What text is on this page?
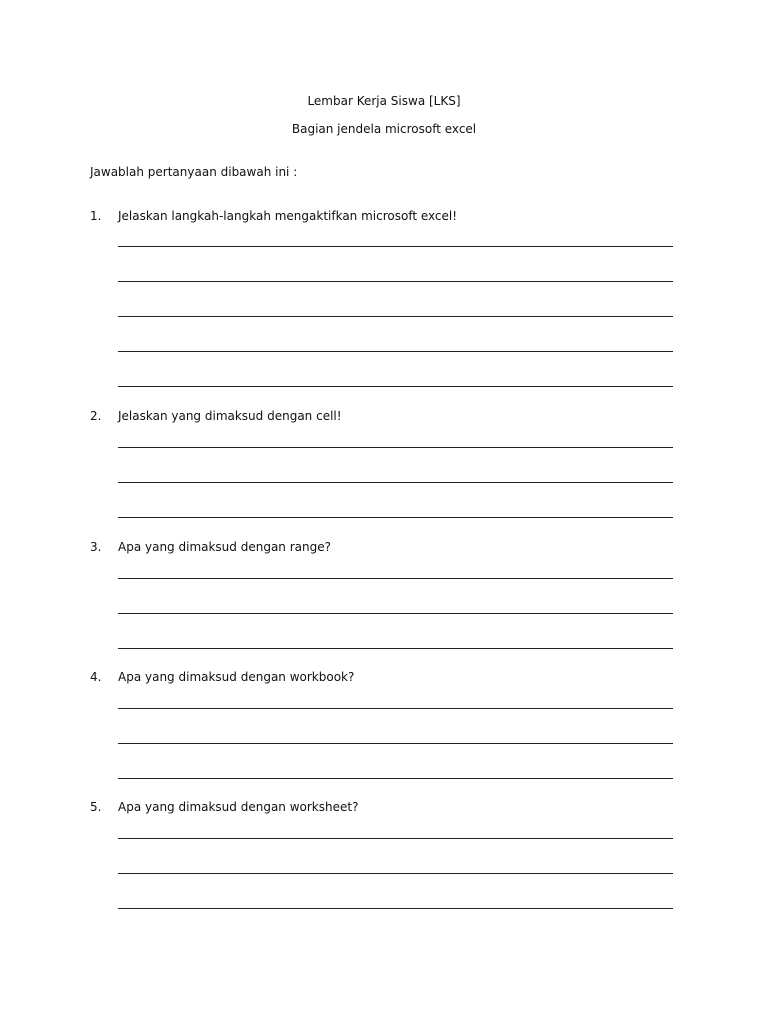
Lembar Kerja Siswa [LKS]
Bagian jendela microsoft excel
Jawablah pertanyaan dibawah ini :
1. Jelaskan langkah-langkah mengaktifkan microsoft excel!
2. Jelaskan yang dimaksud dengan cell!
3. Apa yang dimaksud dengan range?
4. Apa yang dimaksud dengan workbook?
5. Apa yang dimaksud dengan worksheet?
